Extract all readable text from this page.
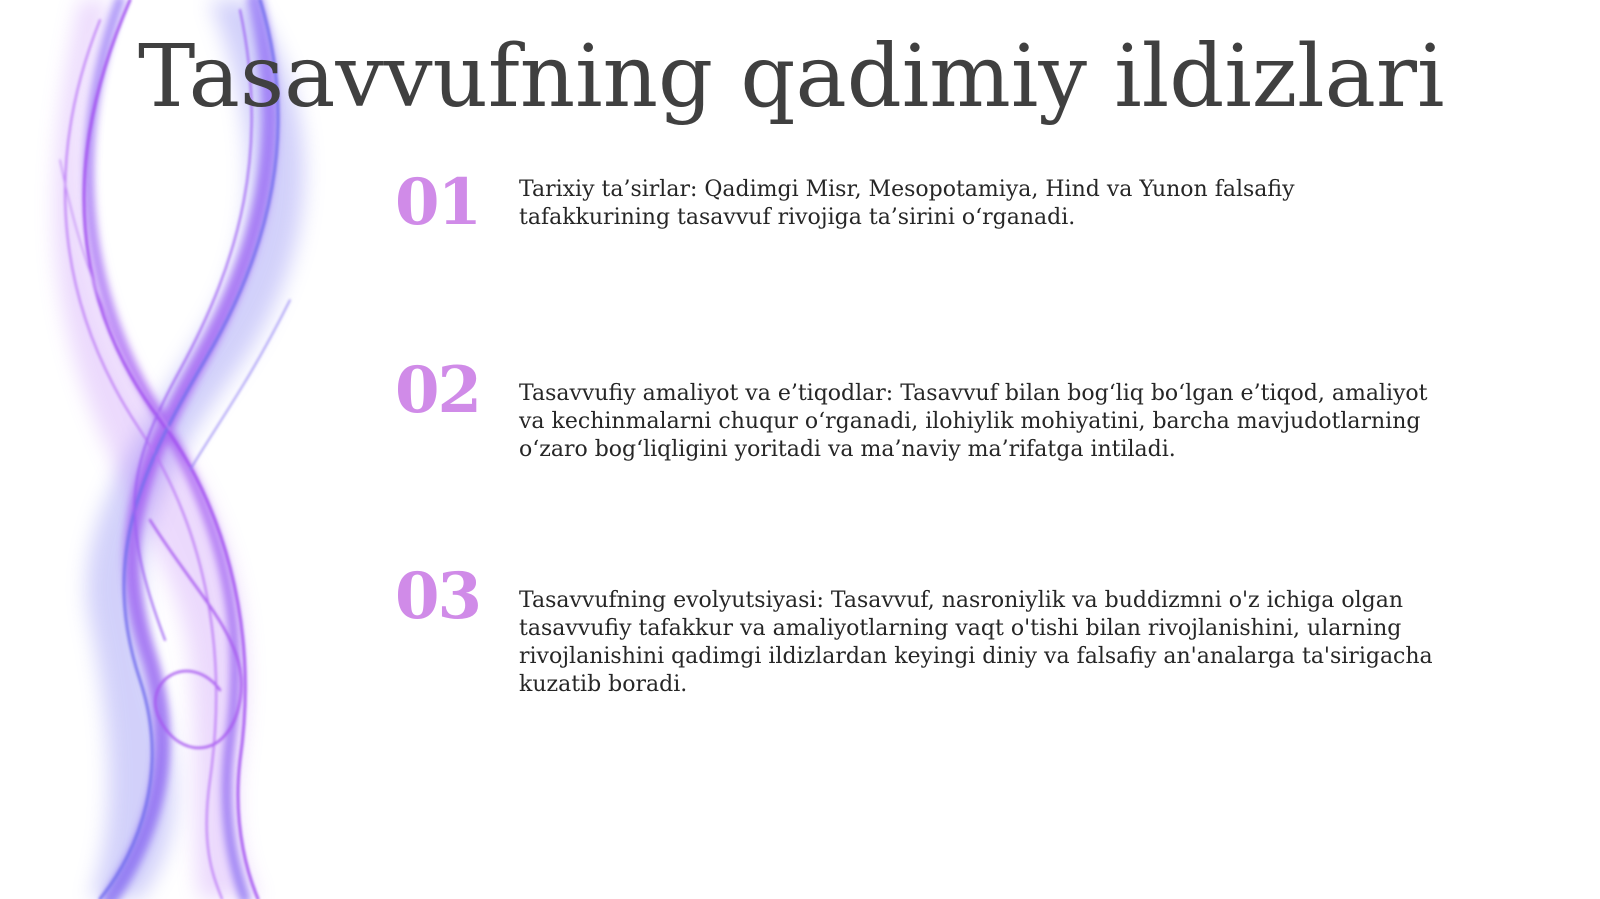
Tasavvufning qadimiy ildizlari
01 Tarixiy ta’sirlar: Qadimgi Misr, Mesopotamiya, Hind va Yunon falsafiy tafakkurining tasavvuf rivojiga ta’sirini o‘rganadi.

02 Tasavvufiy amaliyot va e’tiqodlar: Tasavvuf bilan bog‘liq bo‘lgan e’tiqod, amaliyot va kechinmalarni chuqur o‘rganadi, ilohiylik mohiyatini, barcha mavjudotlarning o‘zaro bog‘liqligini yoritadi va ma’naviy ma’rifatga intiladi.

03 Tasavvufning evolyutsiyasi: Tasavvuf, nasroniylik va buddizmni o'z ichiga olgan tasavvufiy tafakkur va amaliyotlarning vaqt o'tishi bilan rivojlanishini, ularning rivojlanishini qadimgi ildizlardan keyingi diniy va falsafiy an'analarga ta'sirigacha kuzatib boradi.
